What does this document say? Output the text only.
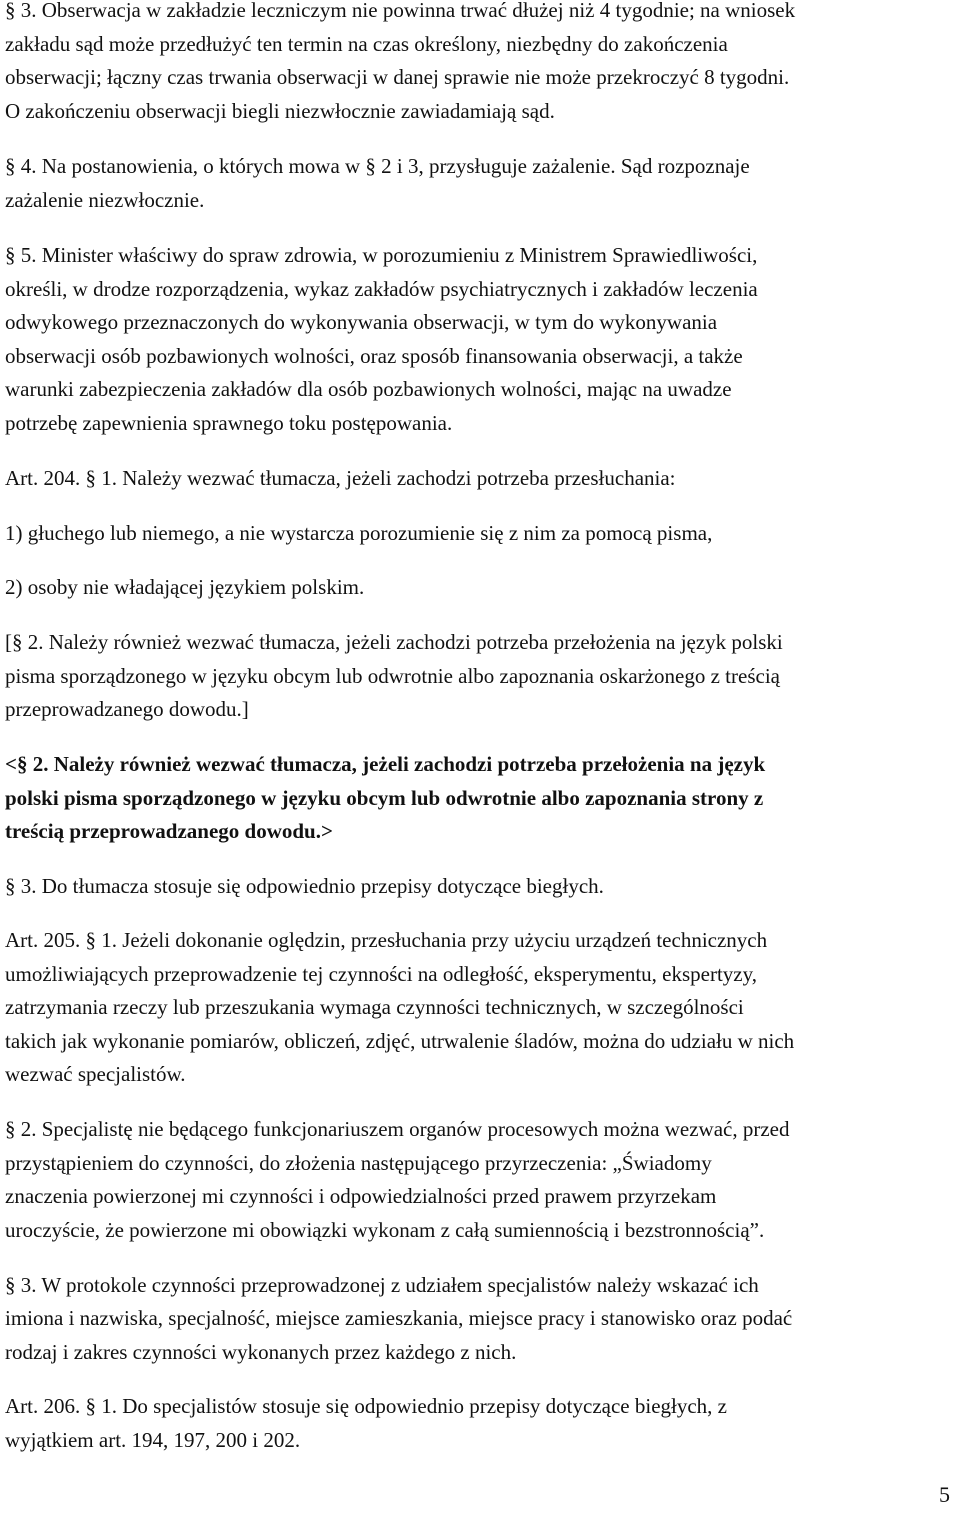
§ 3. Obserwacja w zakładzie leczniczym nie powinna trwać dłużej niż 4 tygodnie; na wniosek
zakładu sąd może przedłużyć ten termin na czas określony, niezbędny do zakończenia
obserwacji; łączny czas trwania obserwacji w danej sprawie nie może przekroczyć 8 tygodni.
O zakończeniu obserwacji biegli niezwłocznie zawiadamiają sąd.
§ 4. Na postanowienia, o których mowa w § 2 i 3, przysługuje zażalenie. Sąd rozpoznaje
zażalenie niezwłocznie.
§ 5. Minister właściwy do spraw zdrowia, w porozumieniu z Ministrem Sprawiedliwości,
określi, w drodze rozporządzenia, wykaz zakładów psychiatrycznych i zakładów leczenia
odwykowego przeznaczonych do wykonywania obserwacji, w tym do wykonywania
obserwacji osób pozbawionych wolności, oraz sposób finansowania obserwacji, a także
warunki zabezpieczenia zakładów dla osób pozbawionych wolności, mając na uwadze
potrzebę zapewnienia sprawnego toku postępowania.
Art. 204. § 1. Należy wezwać tłumacza, jeżeli zachodzi potrzeba przesłuchania:
1) głuchego lub niemego, a nie wystarcza porozumienie się z nim za pomocą pisma,
2) osoby nie władającej językiem polskim.
[§ 2. Należy również wezwać tłumacza, jeżeli zachodzi potrzeba przełożenia na język polski
pisma sporządzonego w języku obcym lub odwrotnie albo zapoznania oskarżonego z treścią
przeprowadzanego dowodu.]
<§ 2. Należy również wezwać tłumacza, jeżeli zachodzi potrzeba przełożenia na język
polski pisma sporządzonego w języku obcym lub odwrotnie albo zapoznania strony z
treścią przeprowadzanego dowodu.>
§ 3. Do tłumacza stosuje się odpowiednio przepisy dotyczące biegłych.
Art. 205. § 1. Jeżeli dokonanie oględzin, przesłuchania przy użyciu urządzeń technicznych
umożliwiających przeprowadzenie tej czynności na odległość, eksperymentu, ekspertyzy,
zatrzymania rzeczy lub przeszukania wymaga czynności technicznych, w szczególności
takich jak wykonanie pomiarów, obliczeń, zdjęć, utrwalenie śladów, można do udziału w nich
wezwać specjalistów.
§ 2. Specjalistę nie będącego funkcjonariuszem organów procesowych można wezwać, przed
przystąpieniem do czynności, do złożenia następującego przyrzeczenia: „Świadomy
znaczenia powierzonej mi czynności i odpowiedzialności przed prawem przyrzekam
uroczyście, że powierzone mi obowiązki wykonam z całą sumiennością i bezstronnością”.
§ 3. W protokole czynności przeprowadzonej z udziałem specjalistów należy wskazać ich
imiona i nazwiska, specjalność, miejsce zamieszkania, miejsce pracy i stanowisko oraz podać
rodzaj i zakres czynności wykonanych przez każdego z nich.
Art. 206. § 1. Do specjalistów stosuje się odpowiednio przepisy dotyczące biegłych, z
wyjątkiem art. 194, 197, 200 i 202.
5
